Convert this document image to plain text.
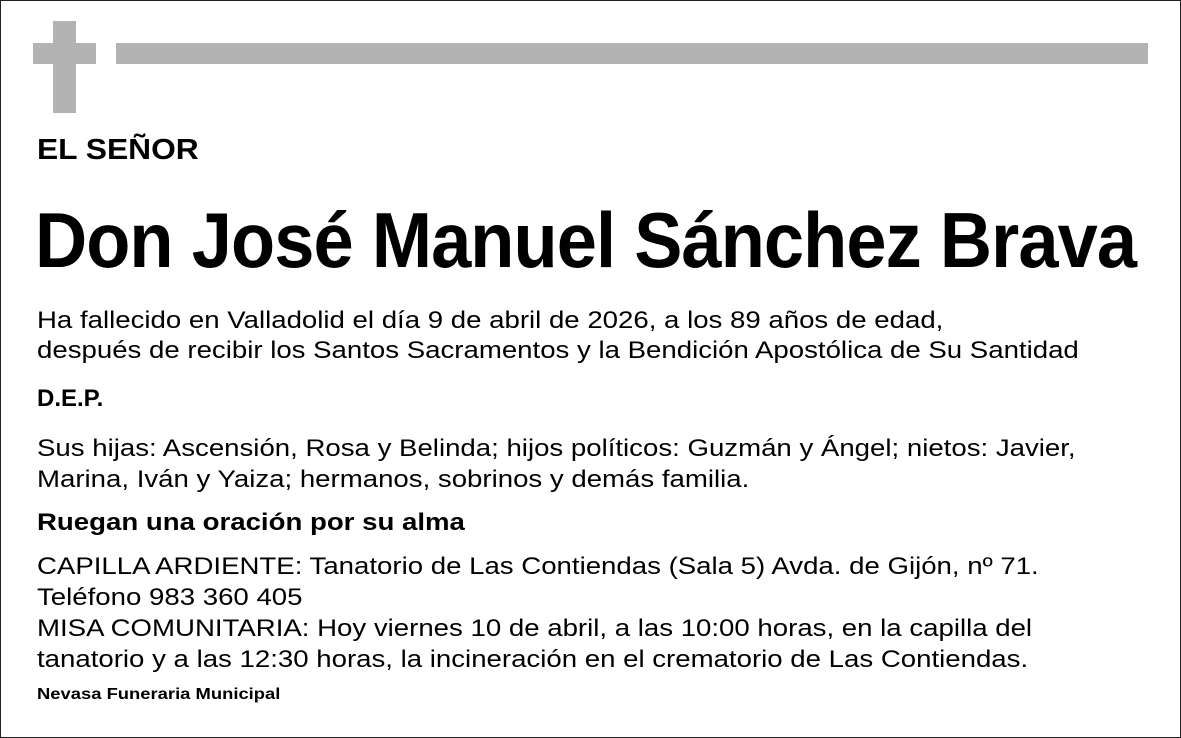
EL SEÑOR
Don José Manuel Sánchez Brava
Ha fallecido en Valladolid el día 9 de abril de 2026, a los 89 años de edad,
después de recibir los Santos Sacramentos y la Bendición Apostólica de Su Santidad
D.E.P.
Sus hijas: Ascensión, Rosa y Belinda; hijos políticos: Guzmán y Ángel; nietos: Javier,
Marina, Iván y Yaiza; hermanos, sobrinos y demás familia.
Ruegan una oración por su alma
CAPILLA ARDIENTE: Tanatorio de Las Contiendas (Sala 5) Avda. de Gijón, nº 71.
Teléfono 983 360 405
MISA COMUNITARIA: Hoy viernes 10 de abril, a las 10:00 horas, en la capilla del
tanatorio y a las 12:30 horas, la incineración en el crematorio de Las Contiendas.
Nevasa Funeraria Municipal
